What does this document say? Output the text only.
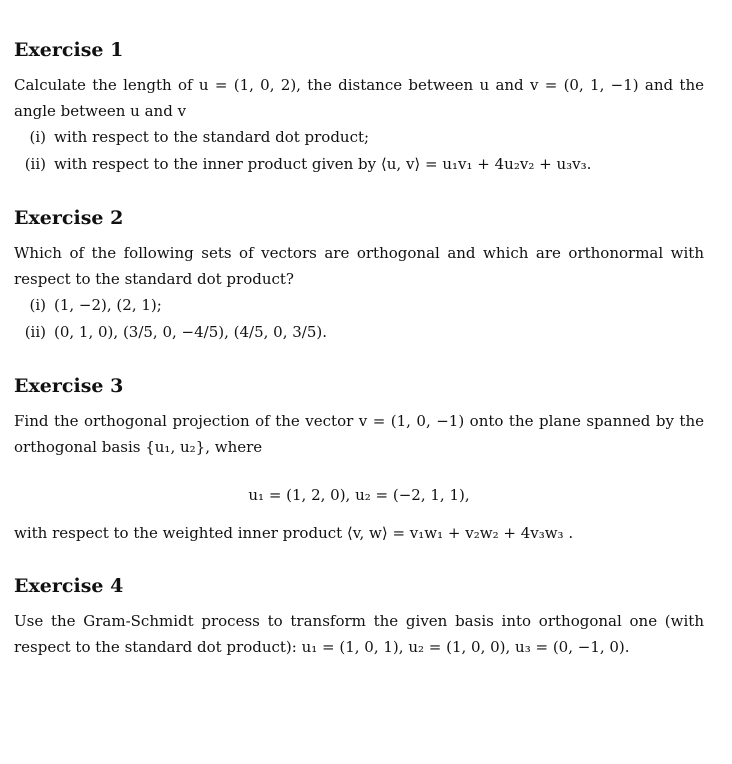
Exercise 1

Calculate the length of u = (1, 0, 2), the distance between u and v = (0, 1, −1) and the angle between u and v

(i) with respect to the standard dot product;
(ii) with respect to the inner product given by ⟨u, v⟩ = u₁v₁ + 4u₂v₂ + u₃v₃.
Exercise 2

Which of the following sets of vectors are orthogonal and which are orthonormal with respect to the standard dot product?

(i) (1, −2), (2, 1);
(ii) (0, 1, 0), (3/5, 0, −4/5), (4/5, 0, 3/5).
Exercise 3

Find the orthogonal projection of the vector v = (1, 0, −1) onto the plane spanned by the orthogonal basis {u₁, u₂}, where

u₁ = (1, 2, 0), u₂ = (−2, 1, 1),

with respect to the weighted inner product ⟨v, w⟩ = v₁w₁ + v₂w₂ + 4v₃w₃ .

Exercise 4

Use the Gram-Schmidt process to transform the given basis into orthogonal one (with respect to the standard dot product): u₁ = (1, 0, 1), u₂ = (1, 0, 0), u₃ = (0, −1, 0).
